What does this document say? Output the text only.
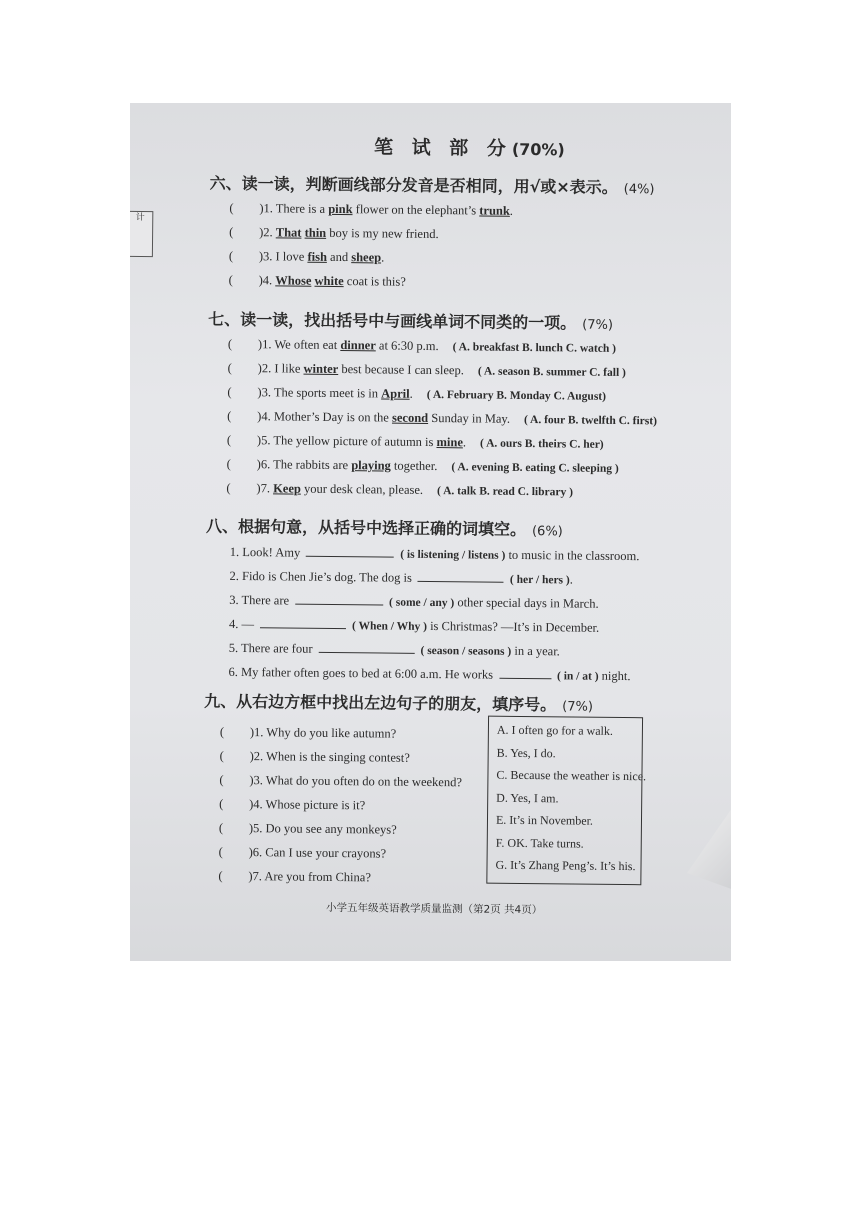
计
笔 试 部 分(70%)
六、读一读，判断画线部分发音是否相同，用√或×表示。 (4%)
( )1. There is a pink flower on the elephant’s trunk.
( )2. That thin boy is my new friend.
( )3. I love fish and sheep.
( )4. Whose white coat is this?
七、读一读，找出括号中与画线单词不同类的一项。 (7%)
( )1. We often eat dinner at 6:30 p.m. ( A. breakfast B. lunch C. watch )
( )2. I like winter best because I can sleep. ( A. season B. summer C. fall )
( )3. The sports meet is in April. ( A. February B. Monday C. August)
( )4. Mother’s Day is on the second Sunday in May. ( A. four B. twelfth C. first)
( )5. The yellow picture of autumn is mine. ( A. ours B. theirs C. her)
( )6. The rabbits are playing together. ( A. evening B. eating C. sleeping )
( )7. Keep your desk clean, please. ( A. talk B. read C. library )
八、根据句意，从括号中选择正确的词填空。 (6%)
1. Look! Amy	( is listening / listens ) to music in the classroom.
2. Fido is Chen Jie’s dog. The dog is	( her / hers ).
3. There are	( some / any ) other special days in March.
4. —	( When / Why ) is Christmas? —It’s in December.
5. There are four	( season / seasons ) in a year.
6. My father often goes to bed at 6:00 a.m. He works	( in / at ) night.
九、从右边方框中找出左边句子的朋友，填序号。 (7%)
( )1. Why do you like autumn?
( )2. When is the singing contest?
( )3. What do you often do on the weekend?
( )4. Whose picture is it?
( )5. Do you see any monkeys?
( )6. Can I use your crayons?
( )7. Are you from China?
A. I often go for a walk.
B. Yes, I do.
C. Because the weather is nice.
D. Yes, I am.
E. It’s in November.
F. OK. Take turns.
G. It’s Zhang Peng’s. It’s his.
小学五年级英语教学质量监测（第2页 共4页）
